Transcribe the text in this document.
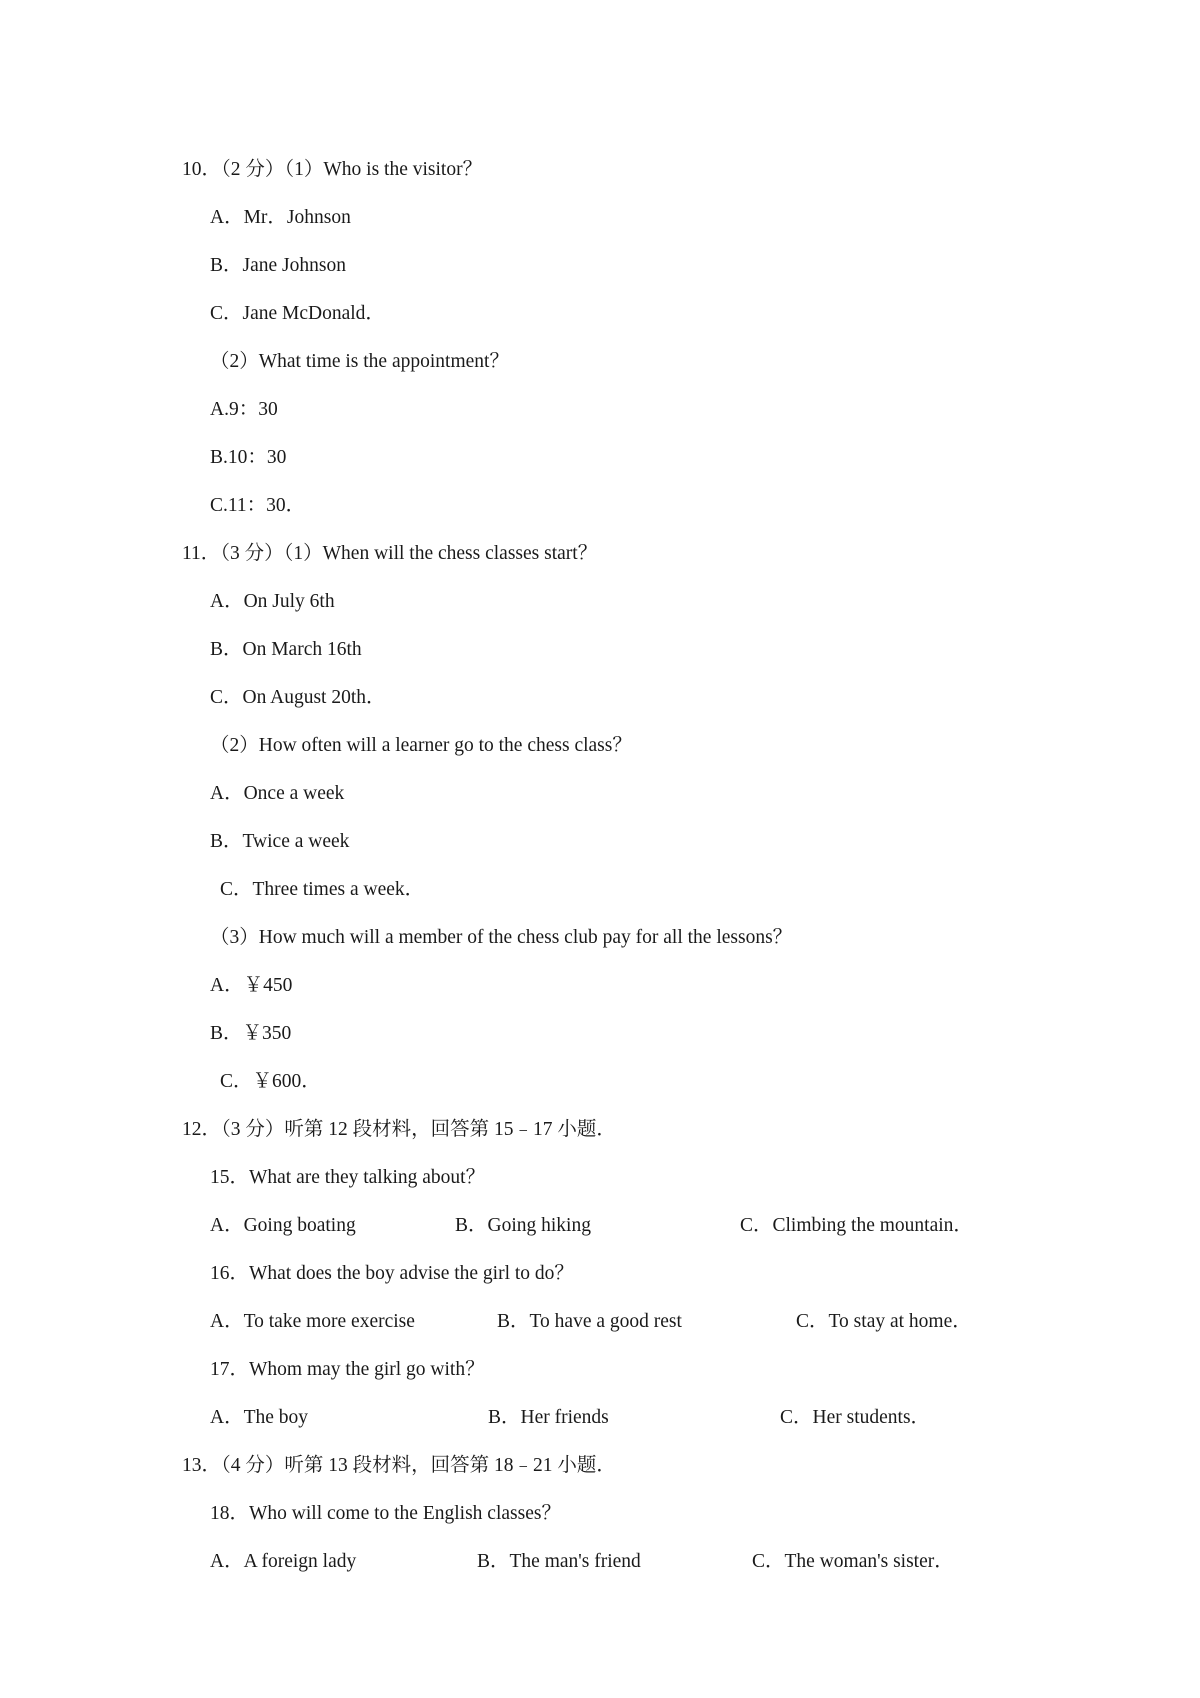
10．（2 分）（1）Who is the visitor？
A．Mr．Johnson
B．Jane Johnson
C．Jane McDonald．
（2）What time is the appointment？
A.9：30
B.10：30
C.11：30．
11．（3 分）（1）When will the chess classes start？
A．On July 6th
B．On March 16th
C．On August 20th．
（2）How often will a learner go to the chess class？
A．Once a week
B．Twice a week
C．Three times a week．
（3）How much will a member of the chess club pay for all the lessons？
A．￥450
B．￥350
C．￥600．
12．（3 分）听第 12 段材料，回答第 15﹣17 小题．
15．What are they talking about？
A．Going boating	B．Going hiking	C．Climbing the mountain．
16．What does the boy advise the girl to do？
A．To take more exercise	B．To have a good rest	C．To stay at home．
17．Whom may the girl go with？
A．The boy	B．Her friends	C．Her students．
13．（4 分）听第 13 段材料，回答第 18﹣21 小题．
18．Who will come to the English classes？
A．A foreign lady	B．The man's friend	C．The woman's sister．
